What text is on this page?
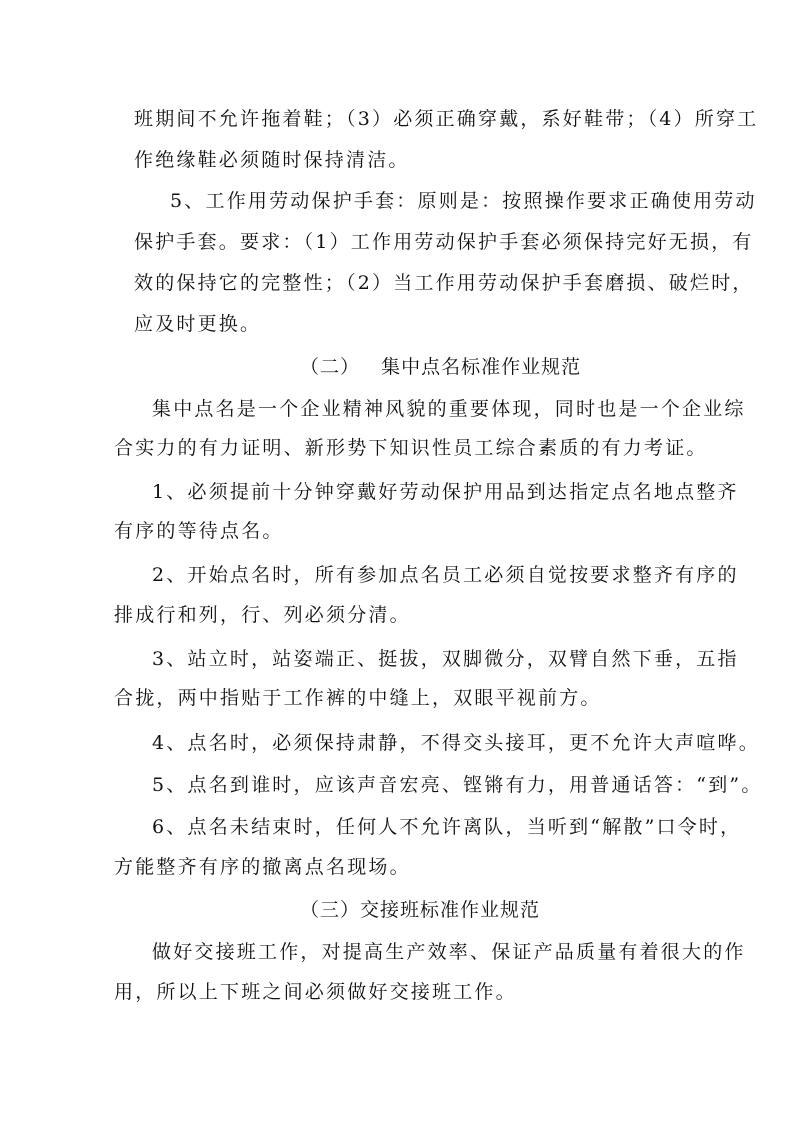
班期间不允许拖着鞋；（3）必须正确穿戴，系好鞋带；（4）所穿工
作绝缘鞋必须随时保持清洁。
5、工作用劳动保护手套：原则是：按照操作要求正确使用劳动
保护手套。要求：（1）工作用劳动保护手套必须保持完好无损，有
效的保持它的完整性；（2）当工作用劳动保护手套磨损、破烂时，
应及时更换。
（二）   集中点名标准作业规范
集中点名是一个企业精神风貌的重要体现，同时也是一个企业综
合实力的有力证明、新形势下知识性员工综合素质的有力考证。
1、必须提前十分钟穿戴好劳动保护用品到达指定点名地点整齐
有序的等待点名。
2、开始点名时，所有参加点名员工必须自觉按要求整齐有序的
排成行和列，行、列必须分清。
3、站立时，站姿端正、挺拔，双脚微分，双臂自然下垂，五指
合拢，两中指贴于工作裤的中缝上，双眼平视前方。
4、点名时，必须保持肃静，不得交头接耳，更不允许大声喧哗。
5、点名到谁时，应该声音宏亮、铿锵有力，用普通话答：“到”。
6、点名未结束时，任何人不允许离队，当听到“解散”口令时，
方能整齐有序的撤离点名现场。
（三）交接班标准作业规范
做好交接班工作，对提高生产效率、保证产品质量有着很大的作
用，所以上下班之间必须做好交接班工作。
